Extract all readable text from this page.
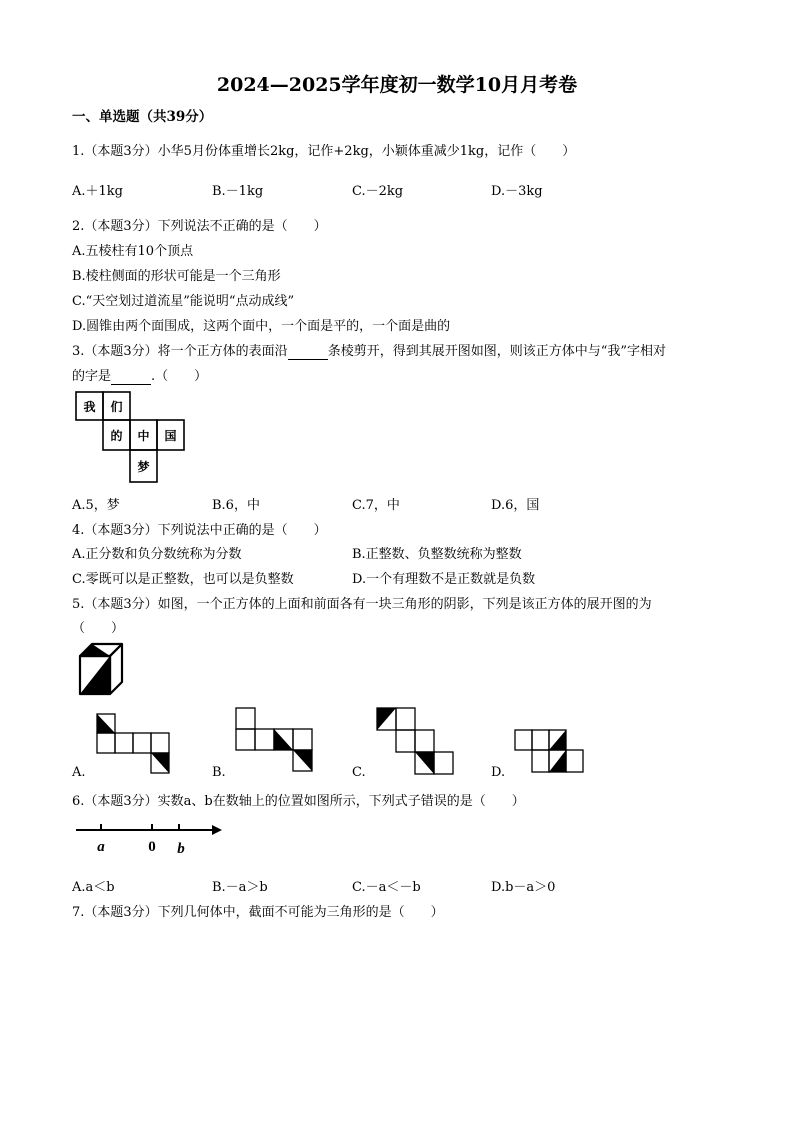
2024—2025学年度初一数学10月月考卷
一、单选题（共39分）
1.（本题3分）小华5月份体重增长2kg，记作+2kg，小颖体重减少1kg，记作（　　）
A.＋1kg	B.－1kg	C.－2kg	D.－3kg
2.（本题3分）下列说法不正确的是（　　）
A.五棱柱有10个顶点
B.棱柱侧面的形状可能是一个三角形
C.“天空划过道流星”能说明“点动成线”
D.圆锥由两个面围成，这两个面中，一个面是平的，一个面是曲的
3.（本题3分）将一个正方体的表面沿	条棱剪开，得到其展开图如图，则该正方体中与“我”字相对
的字是	.（　　）
我 们
的 中 国
梦
A.5，梦	B.6，中	C.7，中	D.6，国
4.（本题3分）下列说法中正确的是（　　）
A.正分数和负分数统称为分数	B.正整数、负整数统称为整数
C.零既可以是正整数，也可以是负整数	D.一个有理数不是正数就是负数
5.（本题3分）如图，一个正方体的上面和前面各有一块三角形的阴影，下列是该正方体的展开图的为
（　　）
A.	B.	C.	D.
6.（本题3分）实数a、b在数轴上的位置如图所示，下列式子错误的是（　　）
a	0 b
A.a＜b	B.－a＞b	C.－a＜－b	D.b－a＞0
7.（本题3分）下列几何体中，截面不可能为三角形的是（　　）
